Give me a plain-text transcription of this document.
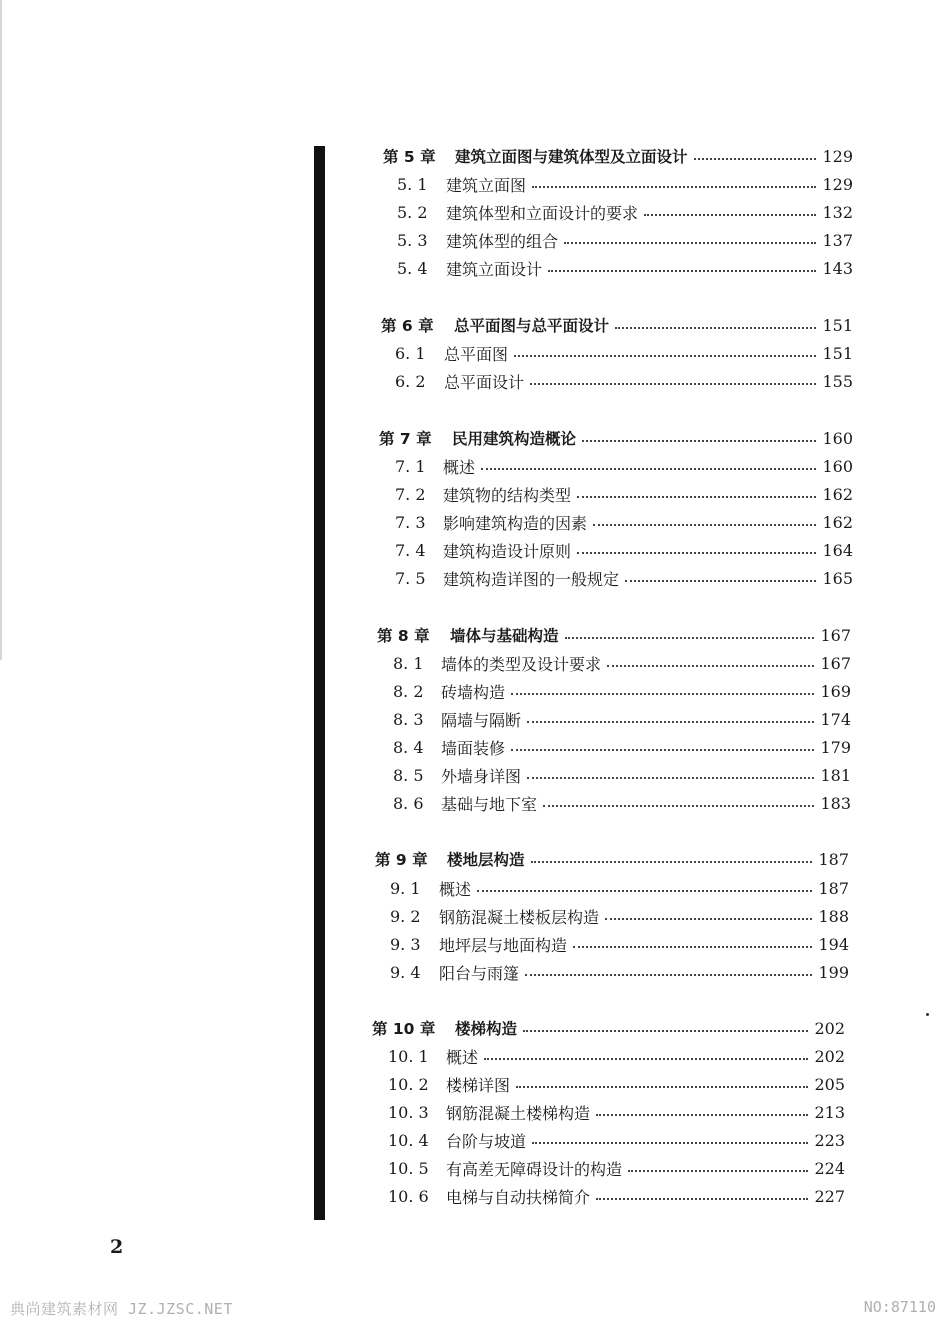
第 5 章	建筑立面图与建筑体型及立面设计	129
5. 1	建筑立面图	129
5. 2	建筑体型和立面设计的要求	132
5. 3	建筑体型的组合	137
5. 4	建筑立面设计	143
第 6 章	总平面图与总平面设计	151
6. 1	总平面图	151
6. 2	总平面设计	155
第 7 章	民用建筑构造概论	160
7. 1	概述	160
7. 2	建筑物的结构类型	162
7. 3	影响建筑构造的因素	162
7. 4	建筑构造设计原则	164
7. 5	建筑构造详图的一般规定	165
第 8 章	墙体与基础构造	167
8. 1	墙体的类型及设计要求	167
8. 2	砖墙构造	169
8. 3	隔墙与隔断	174
8. 4	墙面装修	179
8. 5	外墙身详图	181
8. 6	基础与地下室	183
第 9 章	楼地层构造	187
9. 1	概述	187
9. 2	钢筋混凝土楼板层构造	188
9. 3	地坪层与地面构造	194
9. 4	阳台与雨篷	199
第 10 章	楼梯构造	202
10. 1	概述	202
10. 2	楼梯详图	205
10. 3	钢筋混凝土楼梯构造	213
10. 4	台阶与坡道	223
10. 5	有高差无障碍设计的构造	224
10. 6	电梯与自动扶梯简介	227
2
典尚建筑素材网 JZ.JZSC.NET	NO:87110
